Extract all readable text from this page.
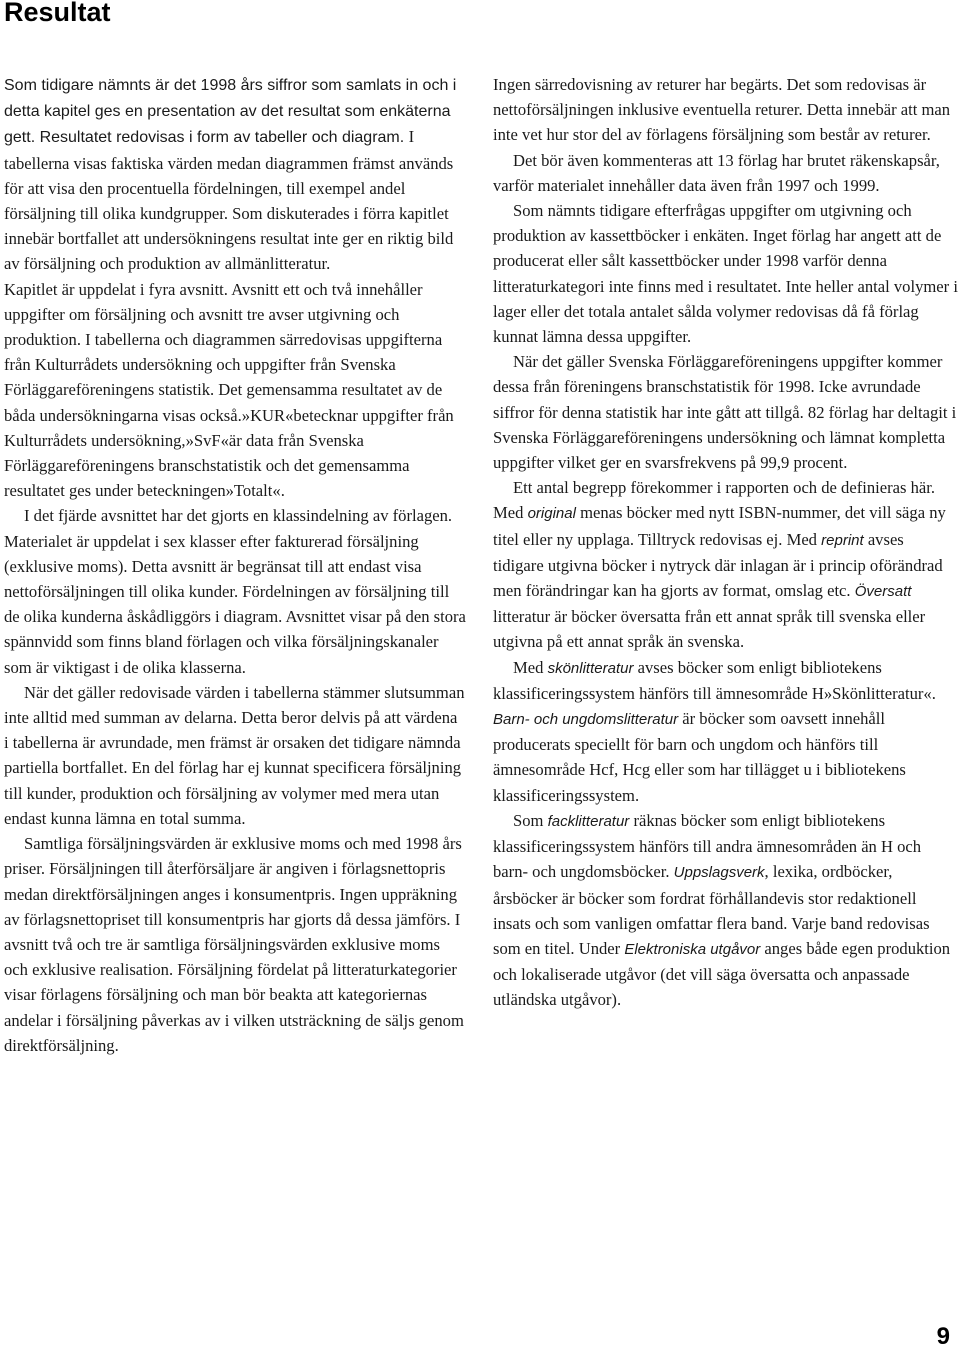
Resultat

Som tidigare nämnts är det 1998 års siffror som samlats in och i detta kapitel ges en presentation av det resultat som enkäterna gett. Resultatet redovisas i form av tabeller och diagram. I tabellerna visas faktiska värden medan diagrammen främst används för att visa den procentuella fördelningen, till exempel andel försäljning till olika kundgrupper. Som diskuterades i förra kapitlet innebär bortfallet att undersökningens resultat inte ger en riktig bild av försäljning och produktion av allmänlitteratur.

Kapitlet är uppdelat i fyra avsnitt. Avsnitt ett och två innehåller uppgifter om försäljning och avsnitt tre avser utgivning och produktion. I tabellerna och diagrammen särredovisas uppgifterna från Kulturrådets undersökning och uppgifter från Svenska Förläggareföreningens statistik. Det gemensamma resultatet av de båda undersökningarna visas också.»KUR«betecknar uppgifter från Kulturrådets undersökning,»SvF«är data från Svenska Förläggareföreningens branschstatistik och det gemensamma resultatet ges under beteckningen»Totalt«.

I det fjärde avsnittet har det gjorts en klassindelning av förlagen. Materialet är uppdelat i sex klasser efter fakturerad försäljning (exklusive moms). Detta avsnitt är begränsat till att endast visa nettoförsäljningen till olika kunder. Fördelningen av försäljning till de olika kunderna åskådliggörs i diagram. Avsnittet visar på den stora spännvidd som finns bland förlagen och vilka försäljningskanaler som är viktigast i de olika klasserna.

När det gäller redovisade värden i tabellerna stämmer slutsumman inte alltid med summan av delarna. Detta beror delvis på att värdena i tabellerna är avrundade, men främst är orsaken det tidigare nämnda partiella bortfallet. En del förlag har ej kunnat specificera försäljning till kunder, produktion och försäljning av volymer med mera utan endast kunna lämna en total summa.

Samtliga försäljningsvärden är exklusive moms och med 1998 års priser. Försäljningen till återförsäljare är angiven i förlagsnettopris medan direktförsäljningen anges i konsumentpris. Ingen uppräkning av förlagsnettopriset till konsumentpris har gjorts då dessa jämförs. I avsnitt två och tre är samtliga försäljningsvärden exklusive moms och exklusive realisation. Försäljning fördelat på litteraturkategorier visar förlagens försäljning och man bör beakta att kategoriernas andelar i försäljning påverkas av i vilken utsträckning de säljs genom direktförsäljning.

Ingen särredovisning av returer har begärts. Det som redovisas är nettoförsäljningen inklusive eventuella returer. Detta innebär att man inte vet hur stor del av förlagens försäljning som består av returer.

Det bör även kommenteras att 13 förlag har brutet räkenskapsår, varför materialet innehåller data även från 1997 och 1999.

Som nämnts tidigare efterfrågas uppgifter om utgivning och produktion av kassettböcker i enkäten. Inget förlag har angett att de producerat eller sålt kassettböcker under 1998 varför denna litteraturkategori inte finns med i resultatet. Inte heller antal volymer i lager eller det totala antalet sålda volymer redovisas då få förlag kunnat lämna dessa uppgifter.

När det gäller Svenska Förläggareföreningens uppgifter kommer dessa från föreningens branschstatistik för 1998. Icke avrundade siffror för denna statistik har inte gått att tillgå. 82 förlag har deltagit i Svenska Förläggareföreningens undersökning och lämnat kompletta uppgifter vilket ger en svarsfrekvens på 99,9 procent.

Ett antal begrepp förekommer i rapporten och de definieras här. Med original menas böcker med nytt ISBN-nummer, det vill säga ny titel eller ny upplaga. Tilltryck redovisas ej. Med reprint avses tidigare utgivna böcker i nytryck där inlagan är i princip oförändrad men förändringar kan ha gjorts av format, omslag etc. Översatt litteratur är böcker översatta från ett annat språk till svenska eller utgivna på ett annat språk än svenska.

Med skönlitteratur avses böcker som enligt bibliotekens klassificeringssystem hänförs till ämnesområde H»Skönlitteratur«. Barn- och ungdomslitteratur är böcker som oavsett innehåll producerats speciellt för barn och ungdom och hänförs till ämnesområde Hcf, Hcg eller som har tillägget u i bibliotekens klassificeringssystem.

Som facklitteratur räknas böcker som enligt bibliotekens klassificeringssystem hänförs till andra ämnesområden än H och barn- och ungdomsböcker. Uppslagsverk, lexika, ordböcker, årsböcker är böcker som fordrat förhållandevis stor redaktionell insats och som vanligen omfattar flera band. Varje band redovisas som en titel. Under Elektroniska utgåvor anges både egen produktion och lokaliserade utgåvor (det vill säga översatta och anpassade utländska utgåvor).

9
